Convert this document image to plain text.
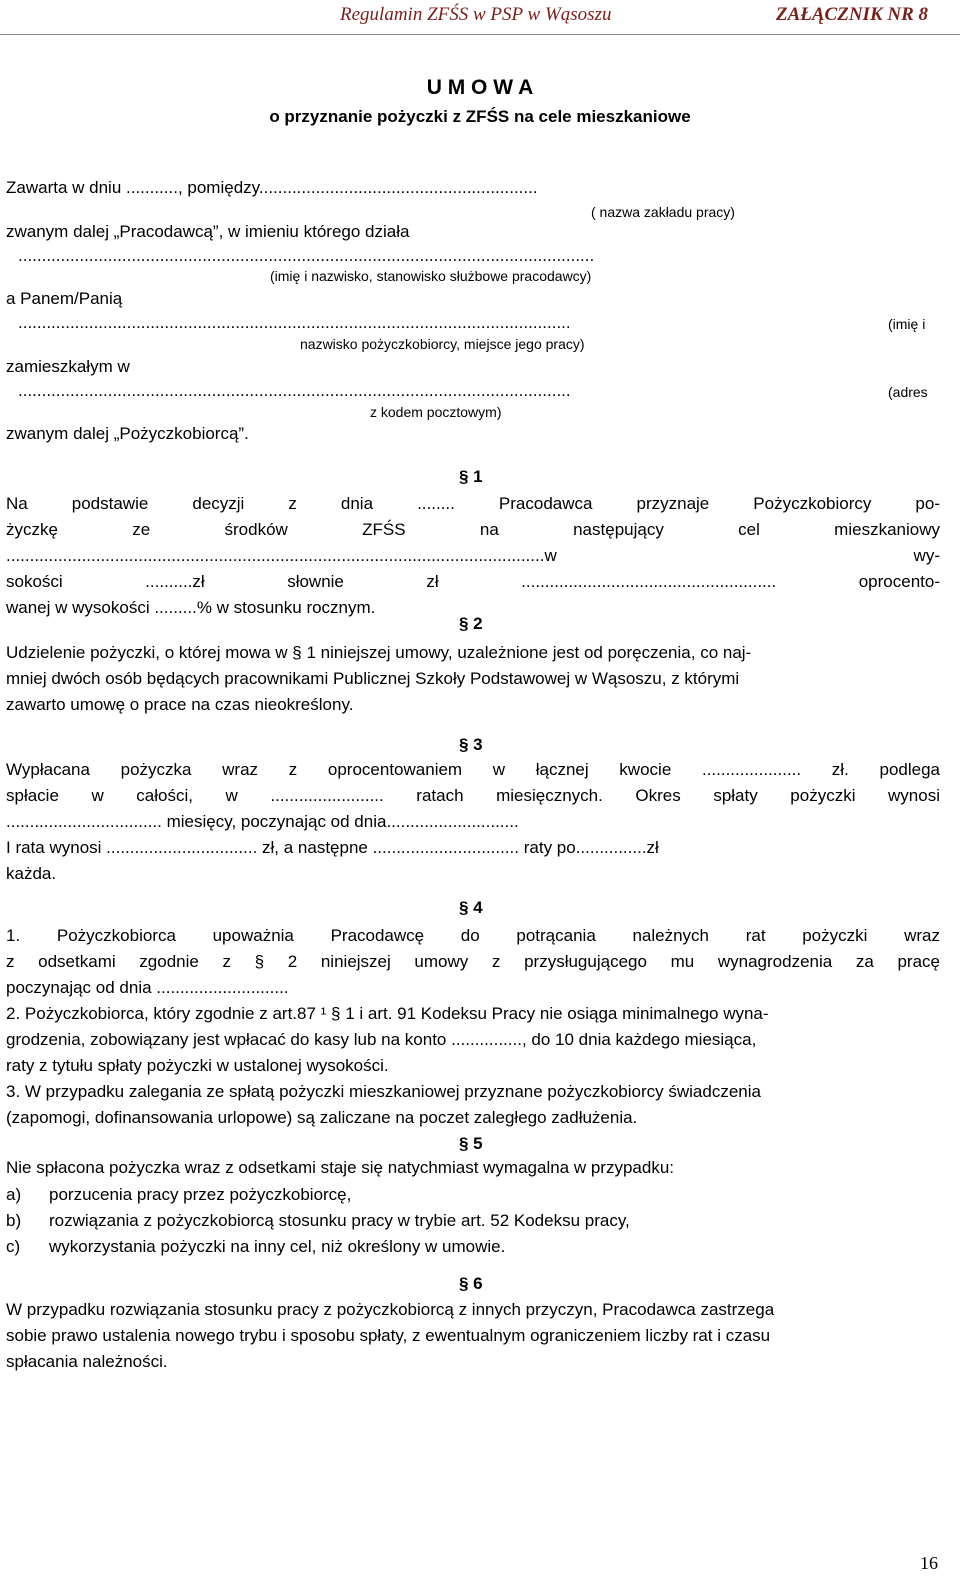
Regulamin ZFŚS w PSP w Wąsoszu	ZAŁĄCZNIK NR 8
U M O W A
o przyznanie pożyczki z ZFŚS na cele mieszkaniowe
Zawarta w dniu ..........., pomiędzy...........................................................
( nazwa zakładu pracy)
zwanym dalej „Pracodawcą”, w imieniu którego działa
..........................................................................................................................
(imię i nazwisko, stanowisko służbowe pracodawcy)
a Panem/Panią
.....................................................................................................................	(imię i
nazwisko pożyczkobiorcy, miejsce jego pracy)
zamieszkałym w
.....................................................................................................................	(adres
z kodem pocztowym)
zwanym dalej „Pożyczkobiorcą”.
§ 1
Na podstawie decyzji z dnia ........ Pracodawca przyznaje Pożyczkobiorcy po-
życzkę ze środków ZFŚS na następujący cel mieszkaniowy
..................................................................................................................w wy-
sokości ..........zł słownie zł ...................................................... oprocento-
wanej w wysokości .........% w stosunku rocznym.
§ 2
Udzielenie pożyczki, o której mowa w § 1 niniejszej umowy, uzależnione jest od poręczenia, co naj-
mniej dwóch osób będących pracownikami Publicznej Szkoły Podstawowej w Wąsoszu, z którymi
zawarto umowę o prace na czas nieokreślony.
§ 3
Wypłacana pożyczka wraz z oprocentowaniem w łącznej kwocie ..................... zł. podlega
spłacie w całości, w ........................ ratach miesięcznych. Okres spłaty pożyczki wynosi
................................. miesięcy, poczynając od dnia............................
I rata wynosi ................................ zł, a następne ............................... raty po...............zł
każda.
§ 4
1. Pożyczkobiorca upoważnia Pracodawcę do potrącania należnych rat pożyczki wraz
z odsetkami zgodnie z § 2 niniejszej umowy z przysługującego mu wynagrodzenia za pracę
poczynając od dnia ............................
2. Pożyczkobiorca, który zgodnie z art.87 ¹ § 1 i art. 91 Kodeksu Pracy nie osiąga minimalnego wyna-
grodzenia, zobowiązany jest wpłacać do kasy lub na konto ..............., do 10 dnia każdego miesiąca,
raty z tytułu spłaty pożyczki w ustalonej wysokości.
3. W przypadku zalegania ze spłatą pożyczki mieszkaniowej przyznane pożyczkobiorcy świadczenia
(zapomogi, dofinansowania urlopowe) są zaliczane na poczet zaległego zadłużenia.
§ 5
Nie spłacona pożyczka wraz z odsetkami staje się natychmiast wymagalna w przypadku:
a) porzucenia pracy przez pożyczkobiorcę,
b) rozwiązania z pożyczkobiorcą stosunku pracy w trybie art. 52 Kodeksu pracy,
c) wykorzystania pożyczki na inny cel, niż określony w umowie.
§ 6
W przypadku rozwiązania stosunku pracy z pożyczkobiorcą z innych przyczyn, Pracodawca zastrzega
sobie prawo ustalenia nowego trybu i sposobu spłaty, z ewentualnym ograniczeniem liczby rat i czasu
spłacania należności.
16
